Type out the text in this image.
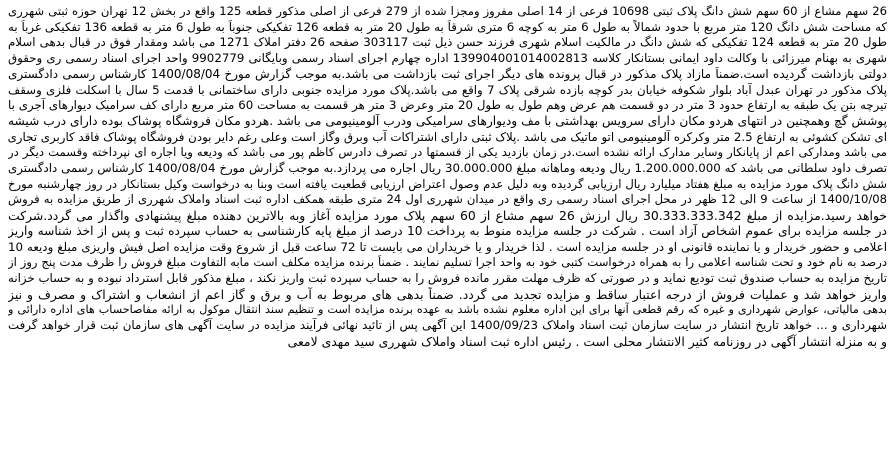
26 سهم مشاع از 60 سهم شش دانگ پلاک ثبتی 10698 فرعی از 14 اصلی مفروز ومجزا شده از 279 فرعی از اصلی مذکور قطعه 125 واقع در بخش 12 تهران حوزه ثبتی شهرری
که مساحت شش دانگ 120 متر مربع با حدود شمالاً به طول 6 متر به کوچه 6 متری شرقاً به طول 20 متر به قطعه 126 تفکیکی جنوباً به طول 6 متر به قطعه 136 تفکیکی غرباً به
طول 20 متر به قطعه 124 تفکیکی که شش دانگ در مالکیت اسلام شهری فرزند حسن ذیل ثبت 303117 صفحه 26 دفتر املاک 1271 می باشد ومقدار فوق در قبال بدهی اسلام
شهری به بهنام میرزائی با وکالت داود ایمانی بستانکار کلاسه 139904001014002813 اداره چهارم اجرای اسناد رسمی وبایگانی 9902779 واحد اجرای اسناد رسمی ری وحقوق
دولتی بازداشت گردیده است.ضمناً مازاد پلاک مذکور در قبال پرونده های دیگر اجرای ثبت بازداشت می باشد.به موجب گزارش مورخ 1400/08/04 کارشناس رسمی دادگستری
پلاک مذکور در تهران عبدل آباد بلوار شکوفه خیابان بدر کوچه بازده شرقی پلاک 7 واقع می باشد.پلاک مورد مزایده جنوبی دارای ساختمانی با قدمت 5 سال با اسکلت فلزی وسقف
تیرچه بتن یک طبقه به ارتفاع حدود 3 متر در دو قسمت هم عرض وهم طول به طول 20 متر وعرض 3 متر هر قسمت به مساحت 60 متر مربع دارای کف سرامیک دیوارهای آجری با
پوشش گچ وهمچنین در انتهای هردو مکان دارای سرویس بهداشتی با مف ودیوارهای سرامیکی ودرب آلومینیومی می باشد .هردو مکان فروشگاه پوشاک بوده دارای درب شیشه
ای تشکن کشوئی به ارتفاع 2.5 متر وکرکره آلومینیومی اتو ماتیک می باشد .پلاک ثبتی دارای اشتراکات آب وبرق وگاز است وعلی رغم دایر بودن فروشگاه پوشاک فاقد کاربری تجاری
می باشد ومدارکی اعم از پایانکار وسایر مدارک ارائه نشده است.در زمان بازدید یکی از قسمتها در تصرف دادرس کاظم پور می باشد که ودیعه ویا اجاره ای نپرداخته وقسمت دیگر در
تصرف داود سلطانی می باشد که 1.200.000.000 ریال ودیعه وماهانه مبلغ 30.000.000 ریال اجاره می پردازد.به موجب گزارش مورخ 1400/08/04 کارشناس رسمی دادگستری
شش دانگ پلاک مورد مزایده به مبلغ هفتاد میلیارد ریال ارزیابی گردیده وبه دلیل عدم وصول اعتراض ارزیابی قطعیت یافته است وبنا به درخواست وکیل بستانکار در روز چهارشنبه مورخ
1400/10/08 از ساعت 9 الی 12 ظهر در محل اجرای اسناد رسمی ری واقع در میدان شهرری اول 24 متری طبقه همکف اداره ثبت اسناد واملاک شهرری از طریق مزایده به فروش
خواهد رسید.مزایده از مبلغ 30.333.333.342 ریال ارزش 26 سهم مشاع از 60 سهم پلاک مورد مزایده آغاز وبه بالاترین دهنده مبلغ پیشنهادی واگذار می گردد.شرکت
در جلسه مزایده برای عموم اشخاص آزاد است . شرکت در جلسه مزایده منوط به پرداخت 10 درصد از مبلغ پایه کارشناسی به حساب سپرده ثبت و پس از اخذ شناسه واریز
اعلامی و حضور خریدار و یا نماینده قانونی او در جلسه مزایده است . لذا خریدار و یا خریداران می بایست تا 72 ساعت قبل از شروع وقت مزایده اصل فیش واریزی مبلغ ودیعه 10
درصد به نام خود و تحت شناسه اعلامی را به همراه درخواست کتبی خود به واحد اجرا تسلیم نمایند . ضمناً برنده مزایده مکلف است مابه التفاوت مبلغ فروش را ظرف مدت پنج روز از
تاریخ مزایده به حساب صندوق ثبت تودیع نماید و در صورتی که ظرف مهلت مقرر مانده فروش را به حساب سپرده ثبت واریز نکند ، مبلغ مذکور قابل استرداد نبوده و به حساب خزانه
واریز خواهد شد و عملیات فروش از درجه اعتبار ساقط و مزایده تجدید می گردد. ضمناً بدهی های مربوط به آب و برق و گاز اعم از انشعاب و اشتراک و مصرف و نیز
بدهی مالیاتی، عوارض شهرداری و غیره که رقم قطعی آنها برای این اداره معلوم نشده باشد به عهده برنده مزایده است و تنظیم سند انتقال موکول به ارائه مفاصاحساب های اداره دارائی و
شهرداری و ... خواهد تاریخ انتشار در سایت سازمان ثبت اسناد واملاک 1400/09/23 این آگهی پس از تائید نهائی فرآیند مزایده در سایت آگهی های سازمان ثبت قرار خواهد گرفت
و به منزله انتشار آگهی در روزنامه کثیر الانتشار محلی است . رئیس اداره ثبت اسناد واملاک شهرری سید مهدی لامعی
